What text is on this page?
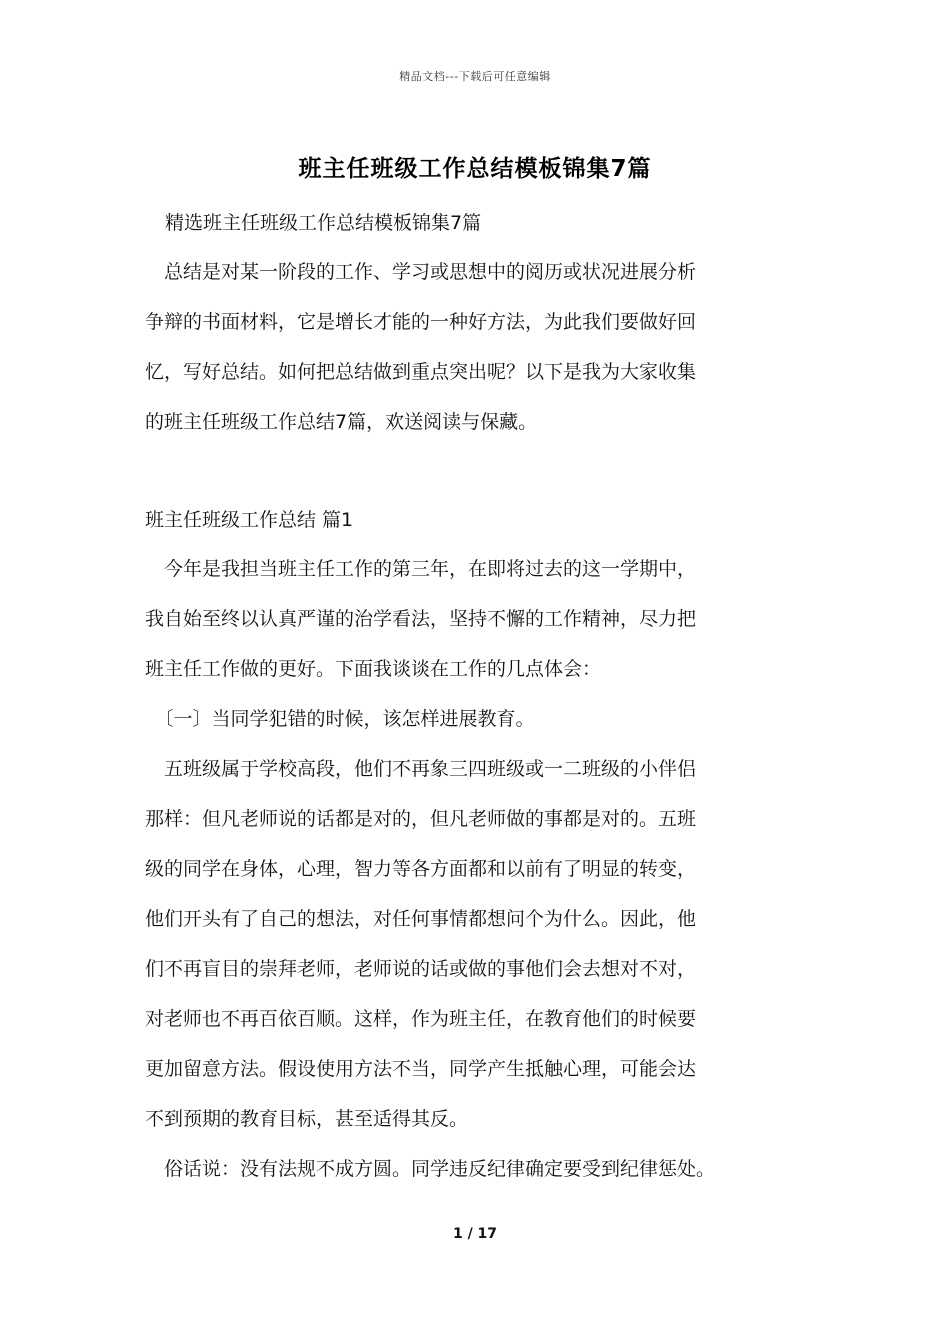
精品文档---下载后可任意编辑
班主任班级工作总结模板锦集7篇
精选班主任班级工作总结模板锦集7篇
　总结是对某一阶段的工作、学习或思想中的阅历或状况进展分析
争辩的书面材料，它是增长才能的一种好方法，为此我们要做好回
忆，写好总结。如何把总结做到重点突出呢？以下是我为大家收集
的班主任班级工作总结7篇，欢送阅读与保藏。
班主任班级工作总结 篇1
　今年是我担当班主任工作的第三年，在即将过去的这一学期中，
我自始至终以认真严谨的治学看法，坚持不懈的工作精神，尽力把
班主任工作做的更好。下面我谈谈在工作的几点体会：
　〔一〕当同学犯错的时候，该怎样进展教育。
　五班级属于学校高段，他们不再象三四班级或一二班级的小伴侣
那样：但凡老师说的话都是对的，但凡老师做的事都是对的。五班
级的同学在身体，心理，智力等各方面都和以前有了明显的转变，
他们开头有了自己的想法，对任何事情都想问个为什么。因此，他
们不再盲目的崇拜老师，老师说的话或做的事他们会去想对不对，
对老师也不再百依百顺。这样，作为班主任，在教育他们的时候要
更加留意方法。假设使用方法不当，同学产生抵触心理，可能会达
不到预期的教育目标，甚至适得其反。
　俗话说：没有法规不成方圆。同学违反纪律确定要受到纪律惩处。
1 / 17
